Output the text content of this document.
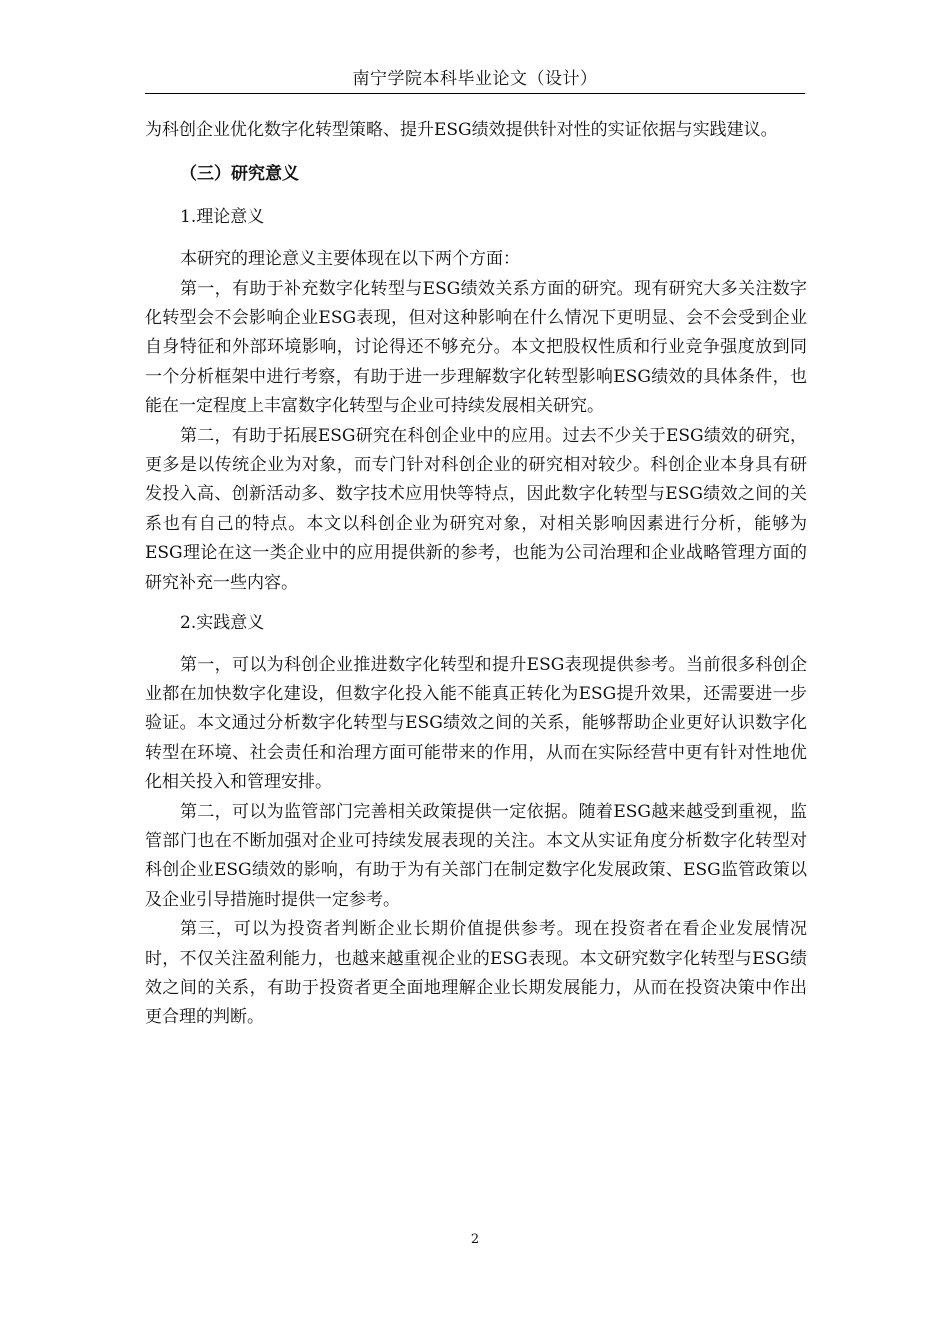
南宁学院本科毕业论文（设计）

为科创企业优化数字化转型策略、提升ESG绩效提供针对性的实证依据与实践建议。

（三）研究意义

1.理论意义

本研究的理论意义主要体现在以下两个方面：

第一，有助于补充数字化转型与ESG绩效关系方面的研究。现有研究大多关注数字化转型会不会影响企业ESG表现，但对这种影响在什么情况下更明显、会不会受到企业自身特征和外部环境影响，讨论得还不够充分。本文把股权性质和行业竞争强度放到同一个分析框架中进行考察，有助于进一步理解数字化转型影响ESG绩效的具体条件，也能在一定程度上丰富数字化转型与企业可持续发展相关研究。

第二，有助于拓展ESG研究在科创企业中的应用。过去不少关于ESG绩效的研究，更多是以传统企业为对象，而专门针对科创企业的研究相对较少。科创企业本身具有研发投入高、创新活动多、数字技术应用快等特点，因此数字化转型与ESG绩效之间的关系也有自己的特点。本文以科创企业为研究对象，对相关影响因素进行分析，能够为ESG理论在这一类企业中的应用提供新的参考，也能为公司治理和企业战略管理方面的研究补充一些内容。

2.实践意义

第一，可以为科创企业推进数字化转型和提升ESG表现提供参考。当前很多科创企业都在加快数字化建设，但数字化投入能不能真正转化为ESG提升效果，还需要进一步验证。本文通过分析数字化转型与ESG绩效之间的关系，能够帮助企业更好认识数字化转型在环境、社会责任和治理方面可能带来的作用，从而在实际经营中更有针对性地优化相关投入和管理安排。

第二，可以为监管部门完善相关政策提供一定依据。随着ESG越来越受到重视，监管部门也在不断加强对企业可持续发展表现的关注。本文从实证角度分析数字化转型对科创企业ESG绩效的影响，有助于为有关部门在制定数字化发展政策、ESG监管政策以及企业引导措施时提供一定参考。

第三，可以为投资者判断企业长期价值提供参考。现在投资者在看企业发展情况时，不仅关注盈利能力，也越来越重视企业的ESG表现。本文研究数字化转型与ESG绩效之间的关系，有助于投资者更全面地理解企业长期发展能力，从而在投资决策中作出更合理的判断。

2
